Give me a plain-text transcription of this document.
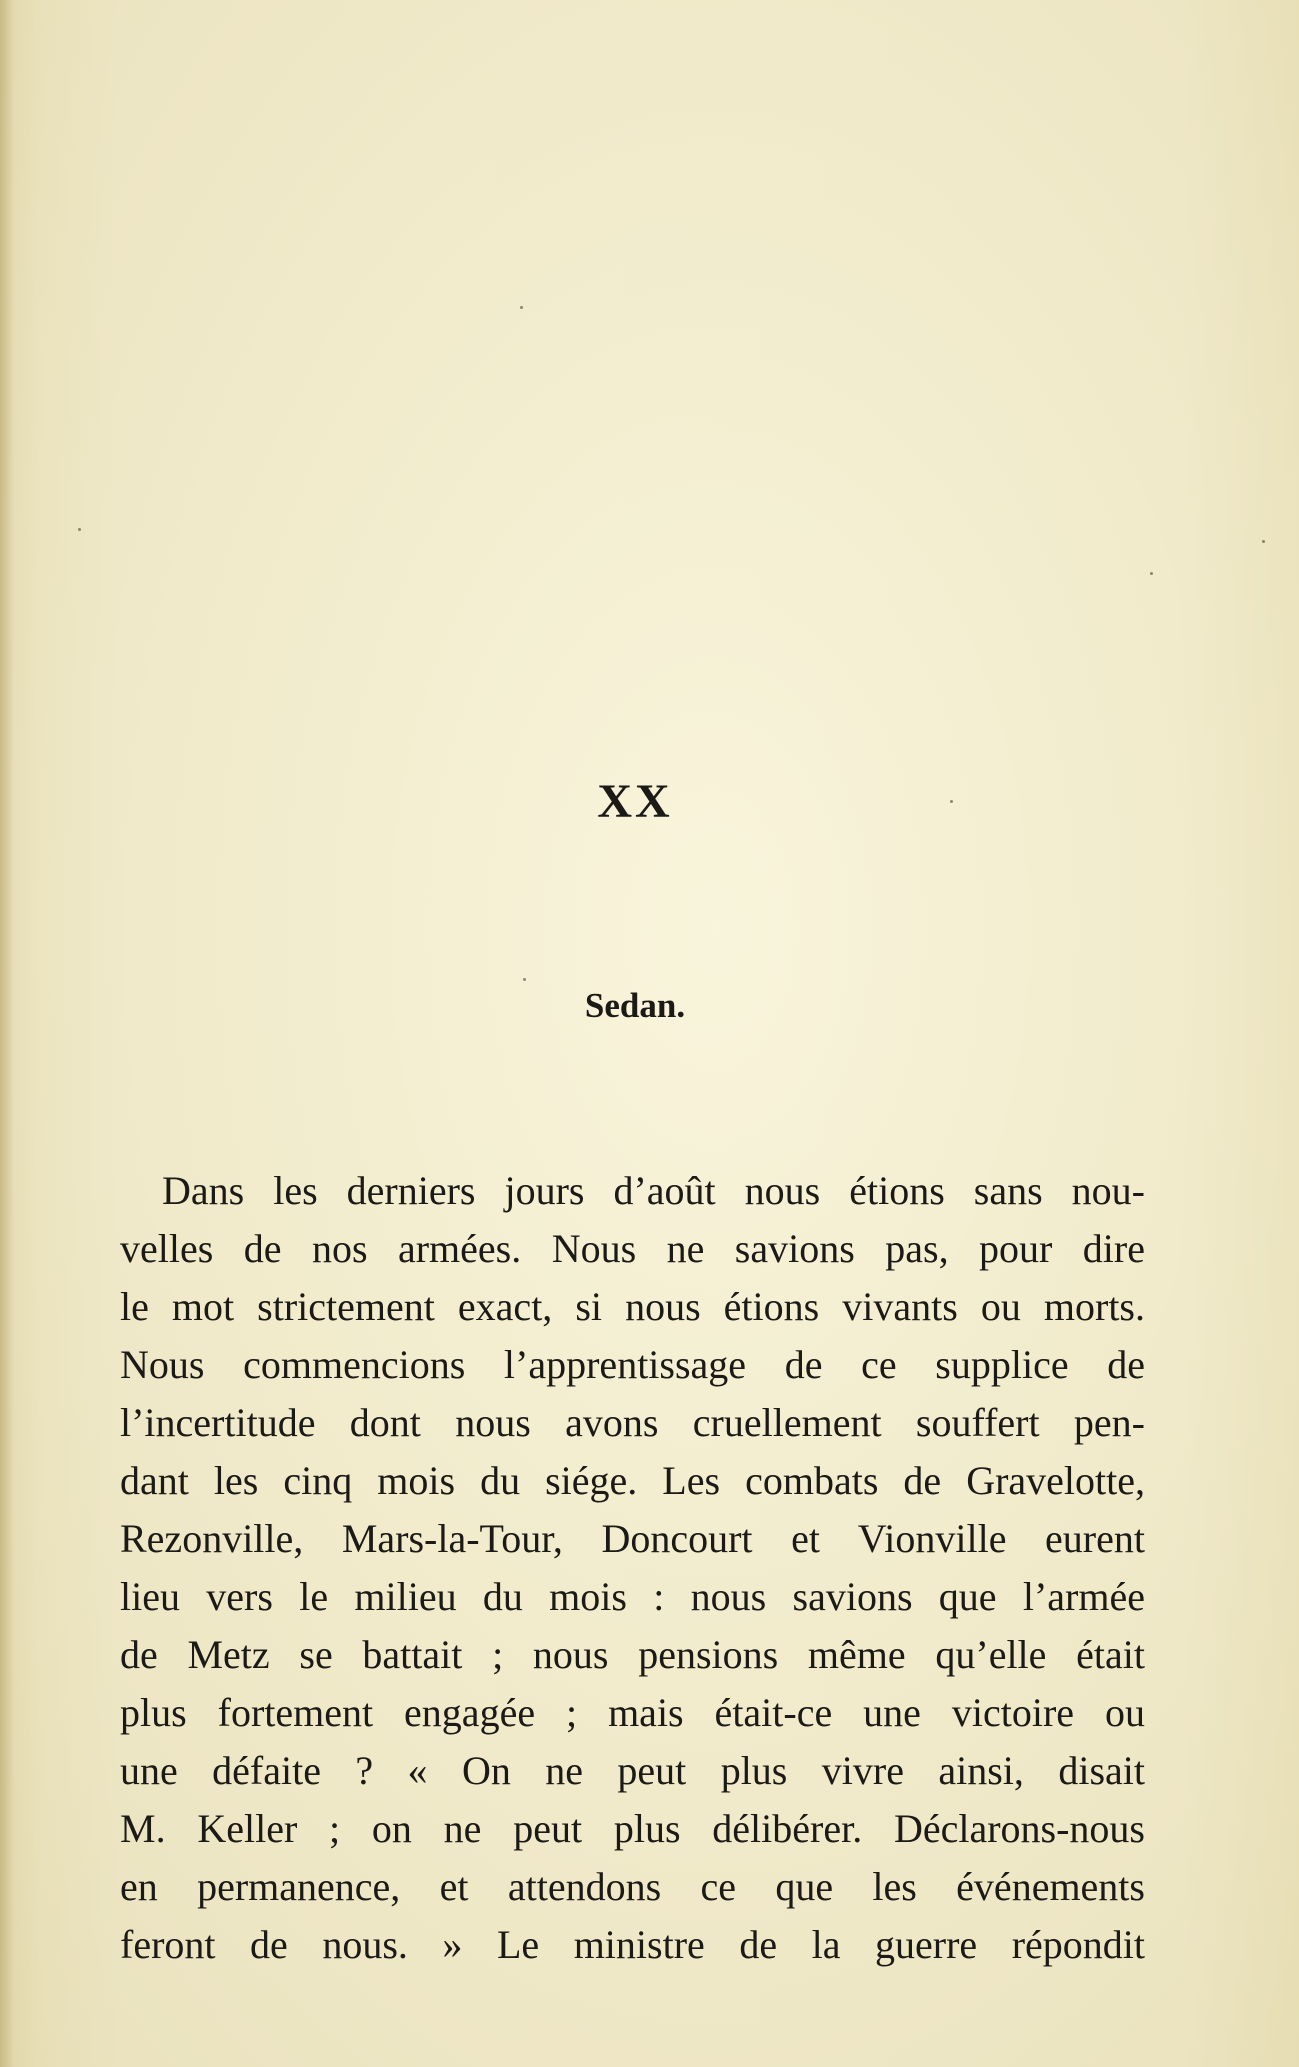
XX
Sedan.
Dans les derniers jours d’août nous étions sans nou-
velles de nos armées. Nous ne savions pas, pour dire
le mot strictement exact, si nous étions vivants ou morts.
Nous commencions l’apprentissage de ce supplice de
l’incertitude dont nous avons cruellement souffert pen-
dant les cinq mois du siége. Les combats de Gravelotte,
Rezonville, Mars-la-Tour, Doncourt et Vionville eurent
lieu vers le milieu du mois : nous savions que l’armée
de Metz se battait ; nous pensions même qu’elle était
plus fortement engagée ; mais était-ce une victoire ou
une défaite ? « On ne peut plus vivre ainsi, disait
M. Keller ; on ne peut plus délibérer. Déclarons-nous
en permanence, et attendons ce que les événements
feront de nous. » Le ministre de la guerre répondit
